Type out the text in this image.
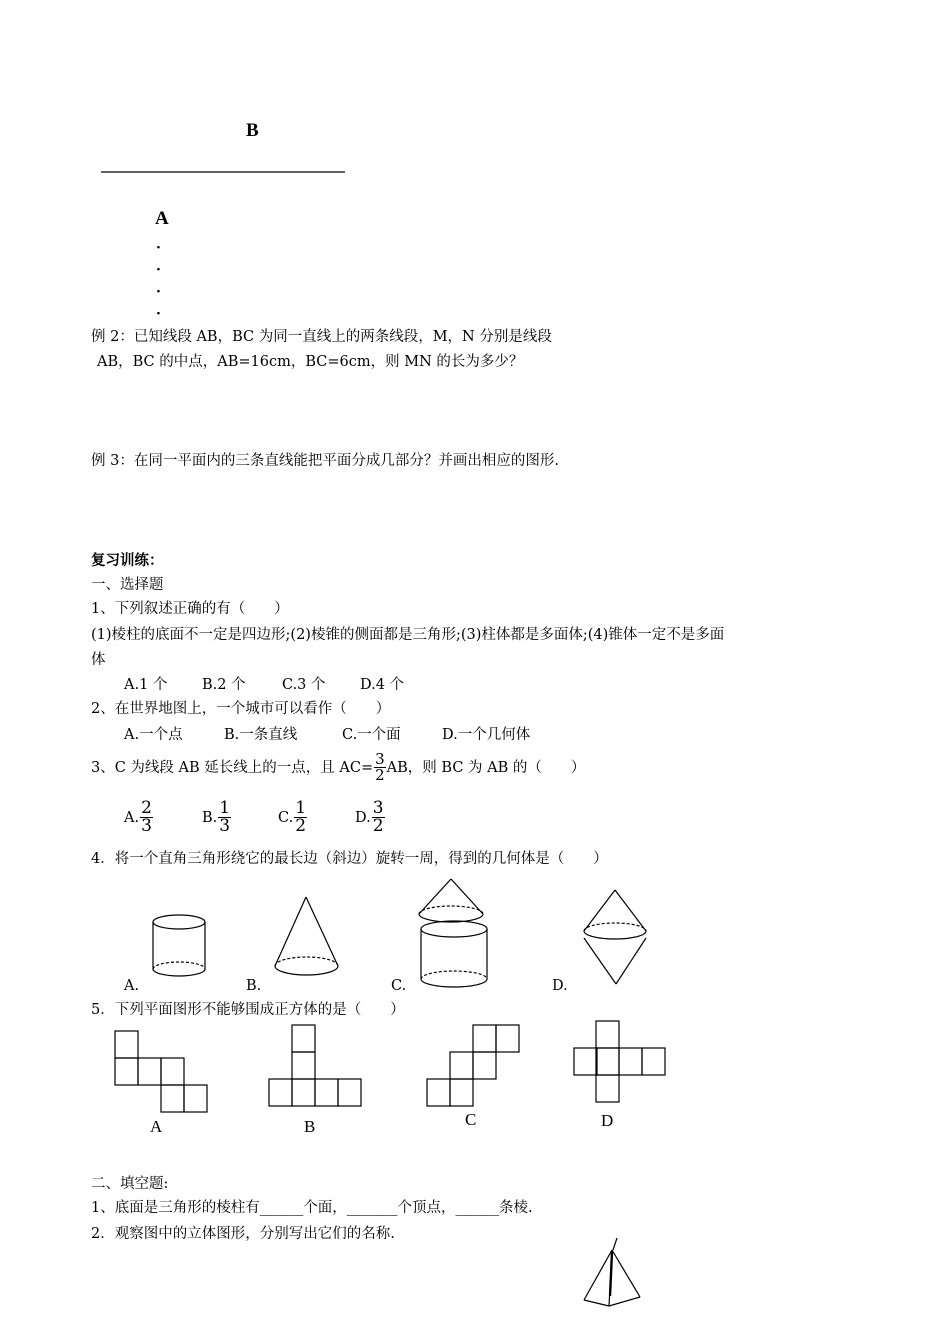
B
A
·
·
·
·
例 2：已知线段 AB，BC 为同一直线上的两条线段，M，N 分别是线段
AB，BC 的中点，AB=16cm，BC=6cm，则 MN 的长为多少？
例 3：在同一平面内的三条直线能把平面分成几部分？并画出相应的图形.
复习训练：
一、选择题
1、下列叙述正确的有（　　）
(1)棱柱的底面不一定是四边形;(2)棱锥的侧面都是三角形;(3)柱体都是多面体;(4)锥体一定不是多面
体
A.1 个 B.2 个	C.3 个 D.4 个
2、在世界地图上，一个城市可以看作（　　）
A.一个点	B.一条直线	C.一个面	D.一个几何体
3、C 为线段 AB 延长线上的一点，且 $AC= \frac{3}{2}$ AB，则 BC 为 AB 的（　　）
A. $\frac{2}{3}$	B. $\frac{1}{3}$	C. $\frac{1}{2}$	D. $\frac{3}{2}$
4．将一个直角三角形绕它的最长边（斜边）旋转一周，得到的几何体是（　　）
A.	B.	C.	D.
5．下列平面图形不能够围成正方体的是（　　）
A	B	C	D
二、填空题:
1、底面是三角形的棱柱有______个面，_______个顶点，______条棱.
2．观察图中的立体图形，分别写出它们的名称.
